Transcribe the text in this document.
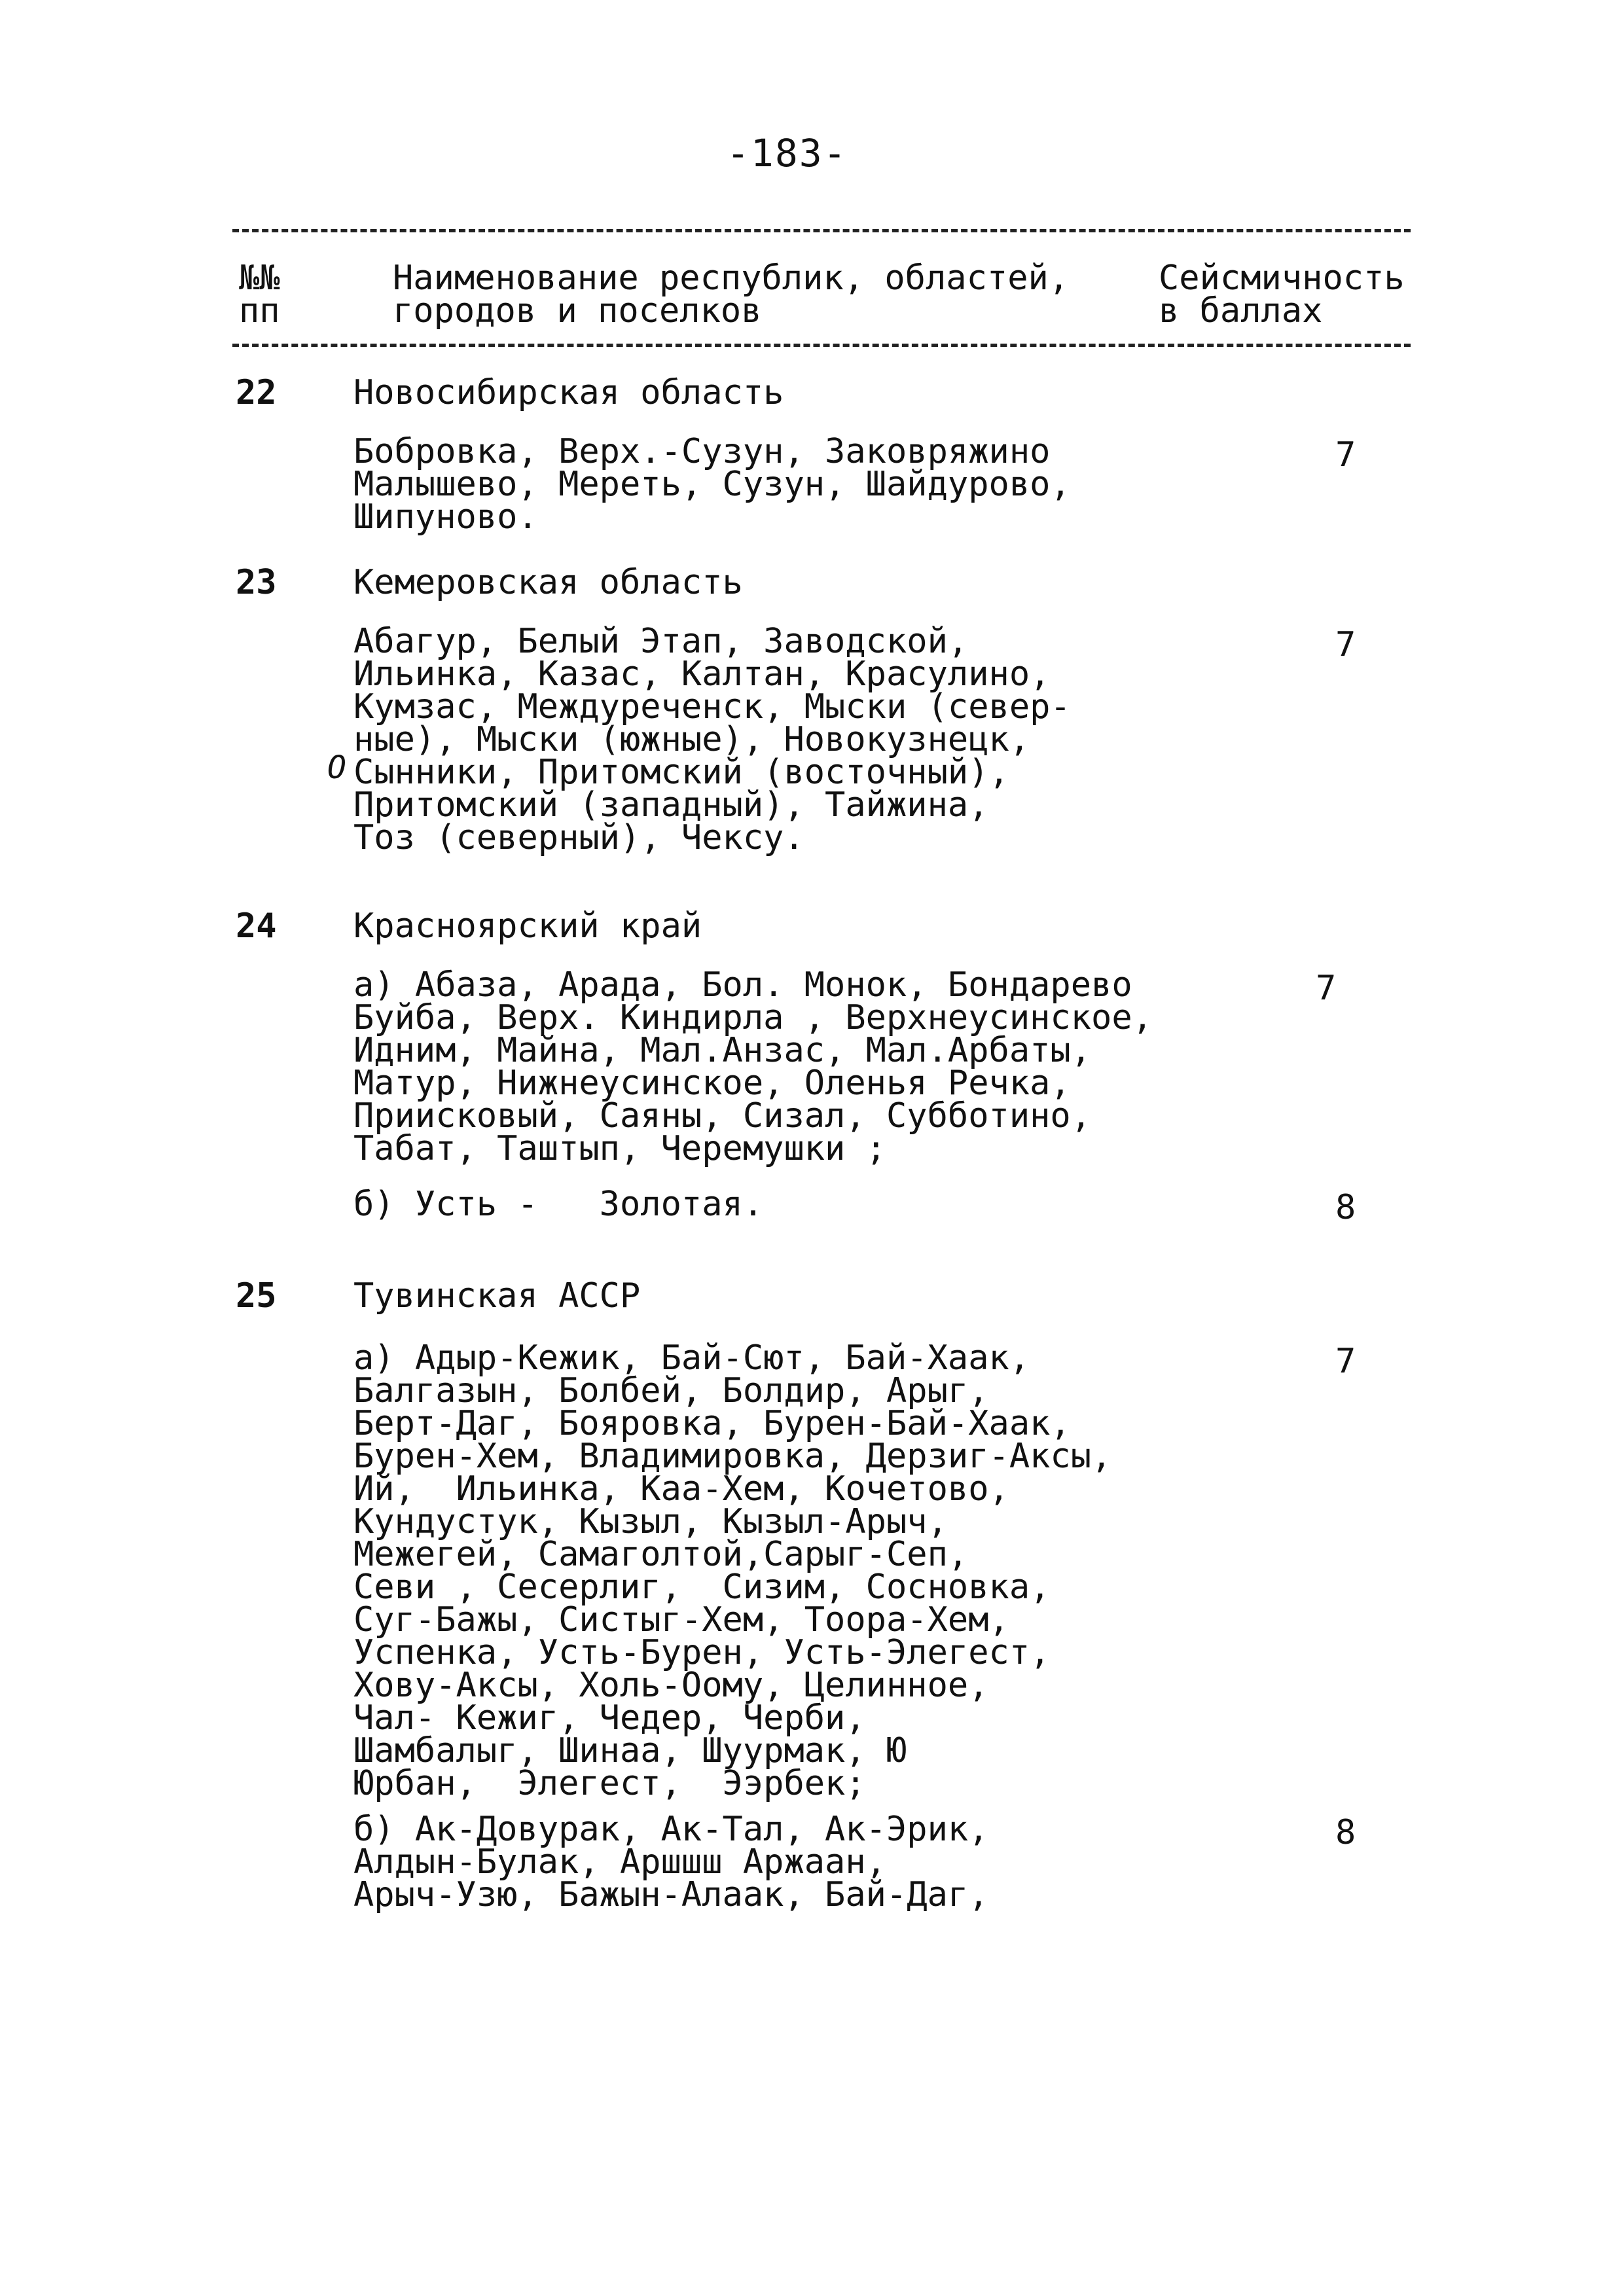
-183-
№№
пп
Наименование республик, областей,
городов и поселков
Сейсмичность
в баллах
22 Новосибирская область
Бобровка, Верх.-Сузун, Заковряжино
Малышево, Мереть, Сузун, Шайдурово,
Шипуново.
7
23 Кемеровская область
О
Абагур, Белый Этап, Заводской,
Ильинка, Казас, Калтан, Красулино,
Кумзас, Междуреченск, Мыски (север-
ные), Мыски (южные), Новокузнецк,
Сынники, Притомский (восточный),
Притомский (западный), Тайжина,
Тоз (северный), Чексу.
7
24 Красноярский край
а) Абаза, Арада, Бол. Монок, Бондарево
Буйба, Верх. Киндирла , Верхнеусинское,
Идним, Майна, Мал.Анзас, Мал.Арбаты,
Матур, Нижнеусинское, Оленья Речка,
Приисковый, Саяны, Сизал, Субботино,
Табат, Таштып, Черемушки ;
7
б) Усть -   Золотая.	8
25 Тувинская АССР
а) Адыр-Кежик, Бай-Сют, Бай-Хаак,
Балгазын, Болбей, Болдир, Арыг,
Берт-Даг, Бояровка, Бурен-Бай-Хаак,
Бурен-Хем, Владимировка, Дерзиг-Аксы,
Ий,  Ильинка, Каа-Хем, Кочетово,
Кундустук, Кызыл, Кызыл-Арыч,
Межегей, Самаголтой,Сарыг-Сеп,
Севи , Сесерлиг,  Сизим, Сосновка,
Суг-Бажы, Систыг-Хем, Тоора-Хем,
Успенка, Усть-Бурен, Усть-Элегест,
Хову-Аксы, Холь-Оому, Целинное,
Чал- Кежиг, Чедер, Черби,
Шамбалыг, Шинаа, Шуурмак, Ю
Юрбан,  Элегест,  Ээрбек;
7
б) Ак-Довурак, Ак-Тал, Ак-Эрик,
Алдын-Булак, Аршшш Аржаан,
Арыч-Узю, Бажын-Алаак, Бай-Даг,
8
